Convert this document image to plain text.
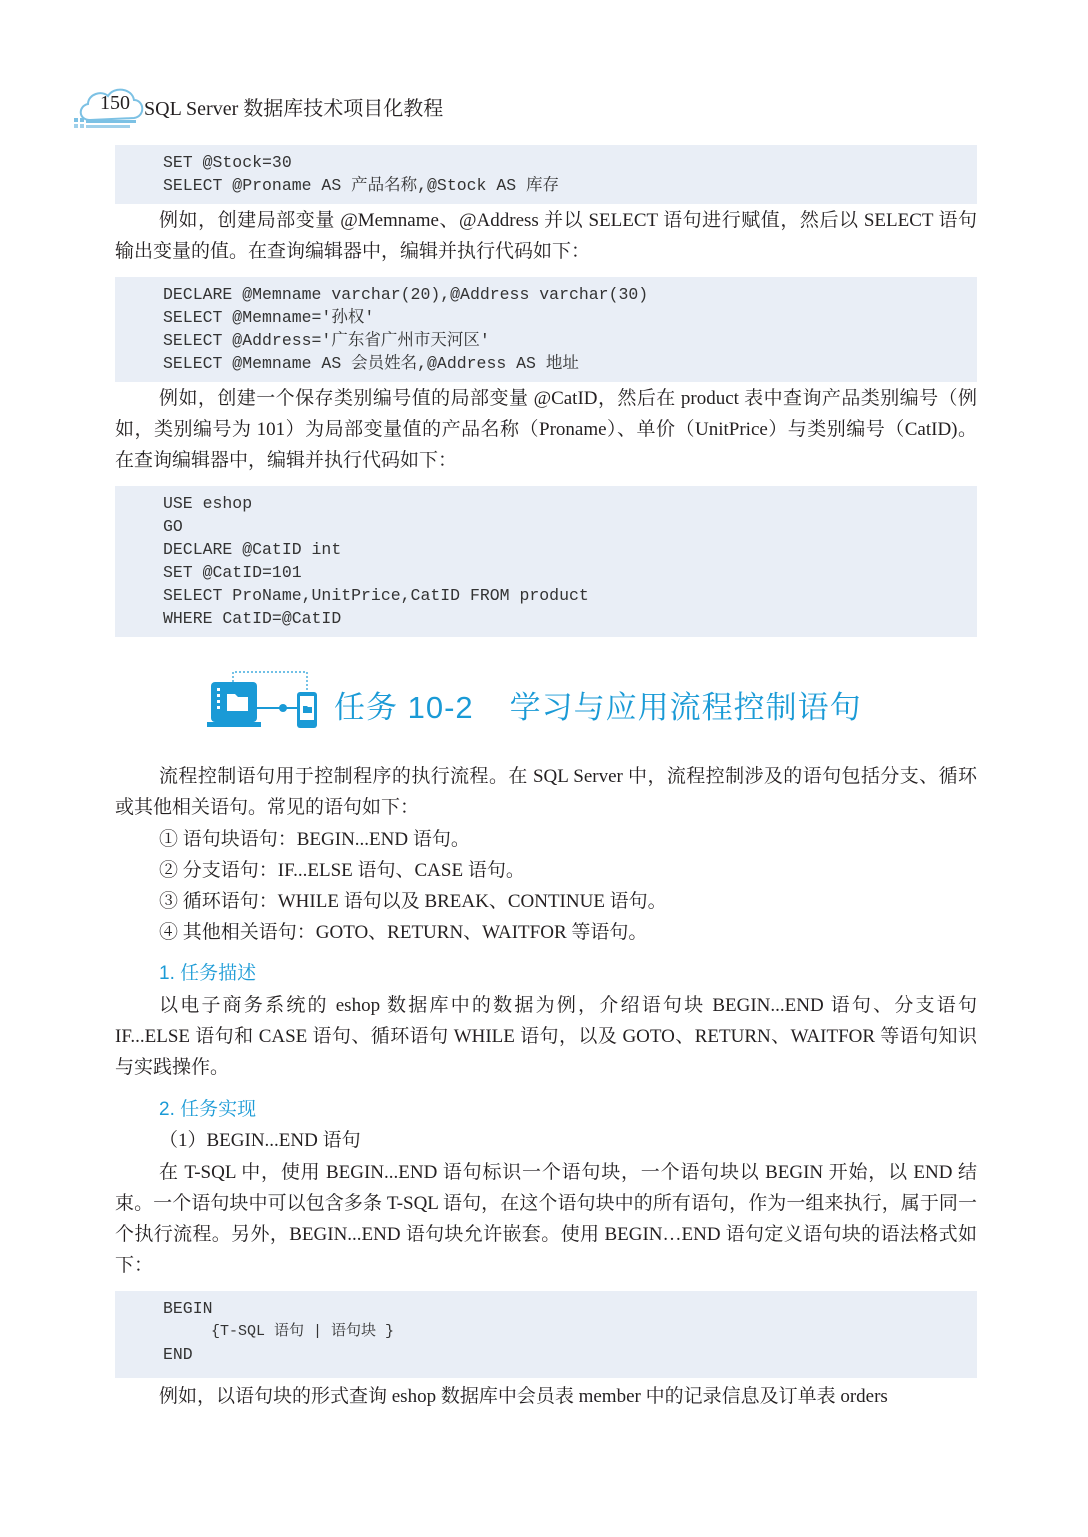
150 SQL Server 数据库技术项目化教程
SET @Stock=30
SELECT @Proname AS 产品名称,@Stock AS 库存
例如，创建局部变量 @Memname、@Address 并以 SELECT 语句进行赋值，然后以 SELECT 语句输出变量的值。在查询编辑器中，编辑并执行代码如下：
DECLARE @Memname varchar(20),@Address varchar(30)
SELECT @Memname='孙权'
SELECT @Address='广东省广州市天河区'
SELECT @Memname AS 会员姓名,@Address AS 地址
例如，创建一个保存类别编号值的局部变量 @CatID，然后在 product 表中查询产品类别编号（例如，类别编号为 101）为局部变量值的产品名称（Proname）、单价（UnitPrice）与类别编号（CatID)。在查询编辑器中，编辑并执行代码如下：
USE eshop
GO
DECLARE @CatID int
SET @CatID=101
SELECT ProName,UnitPrice,CatID FROM product
WHERE CatID=@CatID
任务 10-2 学习与应用流程控制语句
流程控制语句用于控制程序的执行流程。在 SQL Server 中，流程控制涉及的语句包括分支、循环或其他相关语句。常见的语句如下：
① 语句块语句：BEGIN...END 语句。
② 分支语句：IF...ELSE 语句、CASE 语句。
③ 循环语句：WHILE 语句以及 BREAK、CONTINUE 语句。
④ 其他相关语句：GOTO、RETURN、WAITFOR 等语句。
1. 任务描述
以电子商务系统的 eshop 数据库中的数据为例，介绍语句块 BEGIN...END 语句、分支语句 IF...ELSE 语句和 CASE 语句、循环语句 WHILE 语句，以及 GOTO、RETURN、WAITFOR 等语句知识与实践操作。
2. 任务实现
（1）BEGIN...END 语句
在 T-SQL 中，使用 BEGIN...END 语句标识一个语句块，一个语句块以 BEGIN 开始，以 END 结束。一个语句块中可以包含多条 T-SQL 语句，在这个语句块中的所有语句，作为一组来执行，属于同一个执行流程。另外，BEGIN...END 语句块允许嵌套。使用 BEGIN…END 语句定义语句块的语法格式如下：
BEGIN
{T-SQL 语句 | 语句块 }
END
例如，以语句块的形式查询 eshop 数据库中会员表 member 中的记录信息及订单表 orders
